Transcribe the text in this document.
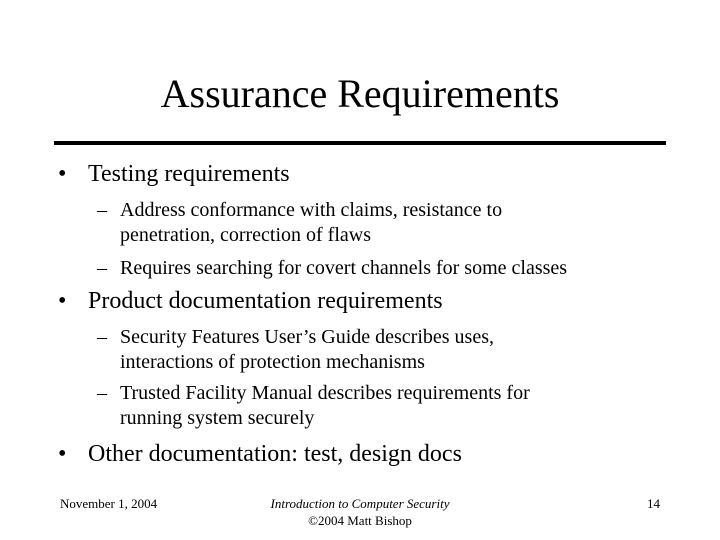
Assurance Requirements
• Testing requirements
– Address conformance with claims, resistance to
penetration, correction of flaws
– Requires searching for covert channels for some classes
• Product documentation requirements
– Security Features User’s Guide describes uses,
interactions of protection mechanisms
– Trusted Facility Manual describes requirements for
running system securely
• Other documentation: test, design docs
November 1, 2004	Introduction to Computer Security
©2004 Matt Bishop
14
